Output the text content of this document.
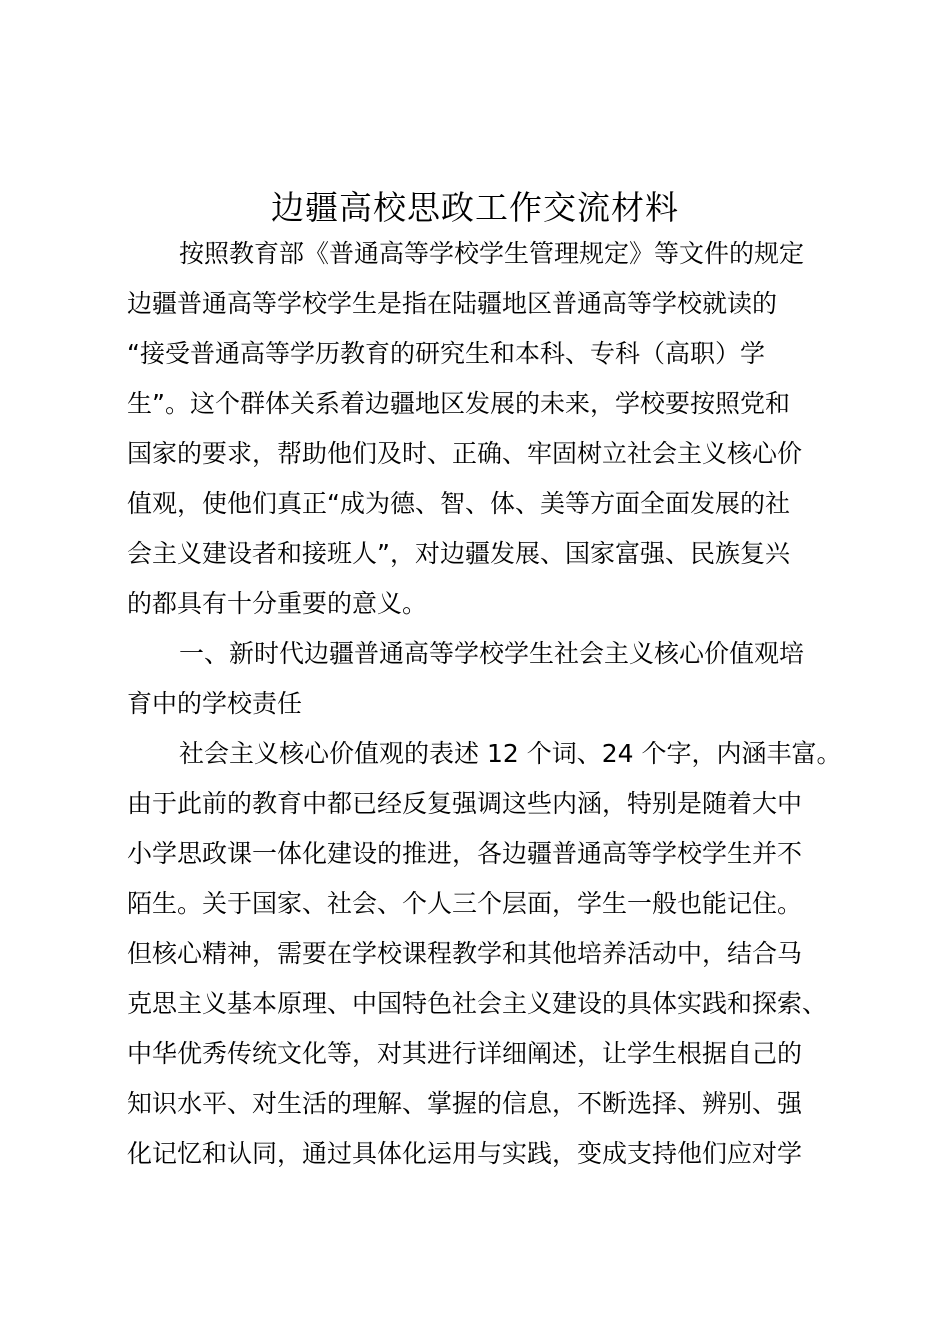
边疆高校思政工作交流材料
按照教育部《普通高等学校学生管理规定》等文件的规定
边疆普通高等学校学生是指在陆疆地区普通高等学校就读的
“接受普通高等学历教育的研究生和本科、专科（高职）学
生”。这个群体关系着边疆地区发展的未来，学校要按照党和
国家的要求，帮助他们及时、正确、牢固树立社会主义核心价
值观，使他们真正“成为德、智、体、美等方面全面发展的社
会主义建设者和接班人”，对边疆发展、国家富强、民族复兴
的都具有十分重要的意义。
一、新时代边疆普通高等学校学生社会主义核心价值观培
育中的学校责任
社会主义核心价值观的表述 12 个词、24 个字，内涵丰富。
由于此前的教育中都已经反复强调这些内涵，特别是随着大中
小学思政课一体化建设的推进，各边疆普通高等学校学生并不
陌生。关于国家、社会、个人三个层面，学生一般也能记住。
但核心精神，需要在学校课程教学和其他培养活动中，结合马
克思主义基本原理、中国特色社会主义建设的具体实践和探索、
中华优秀传统文化等，对其进行详细阐述，让学生根据自己的
知识水平、对生活的理解、掌握的信息，不断选择、辨别、强
化记忆和认同，通过具体化运用与实践，变成支持他们应对学
